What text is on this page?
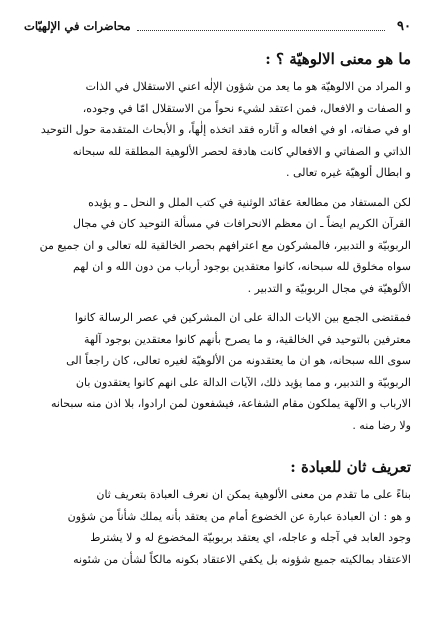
٩٠
محاضرات في الإلهيّات
ما هو معنى الالوهيّة ؟ :

و المراد من الالوهيّة هو ما يعد من شؤون الإلٰه اعني الاستقلال في الذات
و الصفات و الافعال، فمن اعتقد لشيء نحواً من الاستقلال امّا في وجوده،
او في صفاته، او في افعاله و آثاره فقد اتخذه إلٰهاً، و الأبحاث المتقدمة حول التوحيد
الذاتي و الصفاتي و الافعالي كانت هادفة لحصر الألوهية المطلقة لله سبحانه
و ابطال ألوهيّة غيره تعالى .

لكن المستفاد من مطالعة عقائد الوثنية في كتب الملل و النحل ـ و يؤيده
القرآن الكريم ايضاً ـ ان معظم الانحرافات في مسألة التوحيد كان في مجال
الربوبيّة و التدبير، فالمشركون مع اعترافهم بحصر الخالقية لله تعالى و ان جميع من
سواه مخلوق لله سبحانه، كانوا معتقدين بوجود أرباب من دون الله و ان لهم
الألوهيّة في مجال الربوبيّة و التدبير .

فمقتضى الجمع بين الايات الدالة على ان المشركين في عصر الرسالة كانوا
معترفين بالتوحيد في الخالقية، و ما يصرح بأنهم كانوا معتقدين بوجود آلهة
سوى الله سبحانه، هو ان ما يعتقدونه من الألوهيّة لغيره تعالى، كان راجعاً الى
الربوبيّة و التدبير، و مما يؤيد ذلك، الآيات الدالة على انهم كانوا يعتقدون بان
الارباب و الآلهة يملكون مقام الشفاعة، فيشفعون لمن ارادوا، بلا اذن منه سبحانه
ولا رضا منه .

تعريف ثان للعبادة :

بناءً على ما تقدم من معنى الألوهية يمكن ان نعرف العبادة بتعريف ثان
و هو : ان العبادة عبارة عن الخضوع أمام من يعتقد بأنه يملك شأناً من شؤون
وجود العابد في آجله و عاجله، اي يعتقد بربوبيّة المخضوع له و لا يشترط
الاعتقاد بمالكيته جميع شؤونه بل يكفي الاعتقاد بكونه مالكاً لشأن من شئونه
